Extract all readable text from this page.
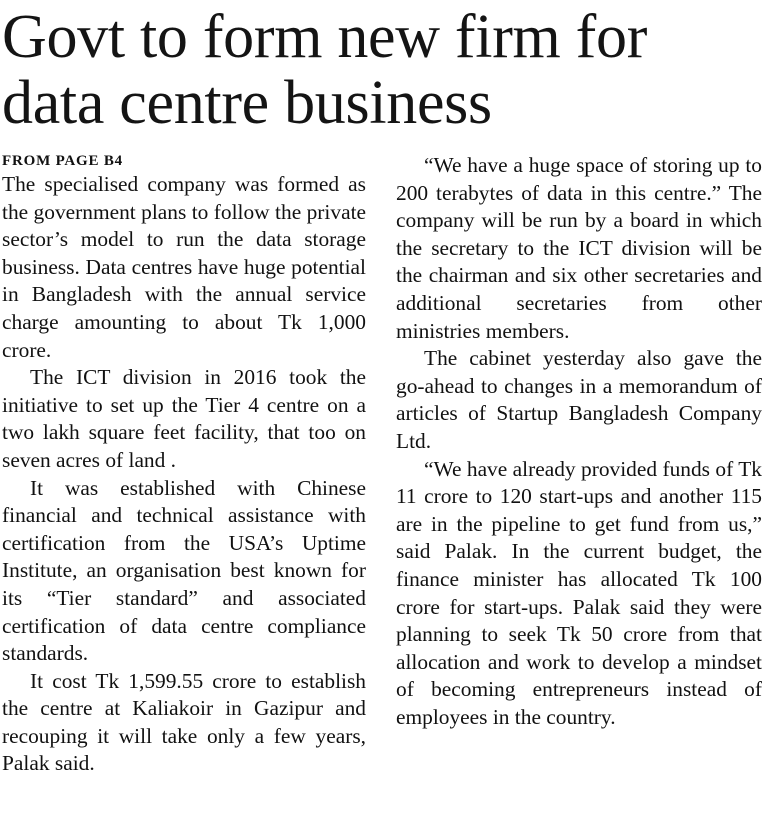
Govt to form new firm for data centre business
FROM PAGE B4

The specialised company was formed as the government plans to follow the private sector’s model to run the data storage business. Data centres have huge potential in Bangladesh with the annual service charge amounting to about Tk 1,000 crore.

The ICT division in 2016 took the initiative to set up the Tier 4 centre on a two lakh square feet facility, that too on seven acres of land .

It was established with Chinese financial and technical assistance with certification from the USA’s Uptime Institute, an organisation best known for its “Tier standard” and associated certification of data centre compliance standards.

It cost Tk 1,599.55 crore to establish the centre at Kaliakoir in Gazipur and recouping it will take only a few years, Palak said.

“We have a huge space of storing up to 200 terabytes of data in this centre.” The company will be run by a board in which the secretary to the ICT division will be the chairman and six other secretaries and additional secretaries from other ministries members.

The cabinet yesterday also gave the go-ahead to changes in a memorandum of articles of Startup Bangladesh Company Ltd.

“We have already provided funds of Tk 11 crore to 120 start-ups and another 115 are in the pipeline to get fund from us,” said Palak. In the current budget, the finance minister has allocated Tk 100 crore for start-ups. Palak said they were planning to seek Tk 50 crore from that allocation and work to develop a mindset of becoming entrepreneurs instead of employees in the country.
